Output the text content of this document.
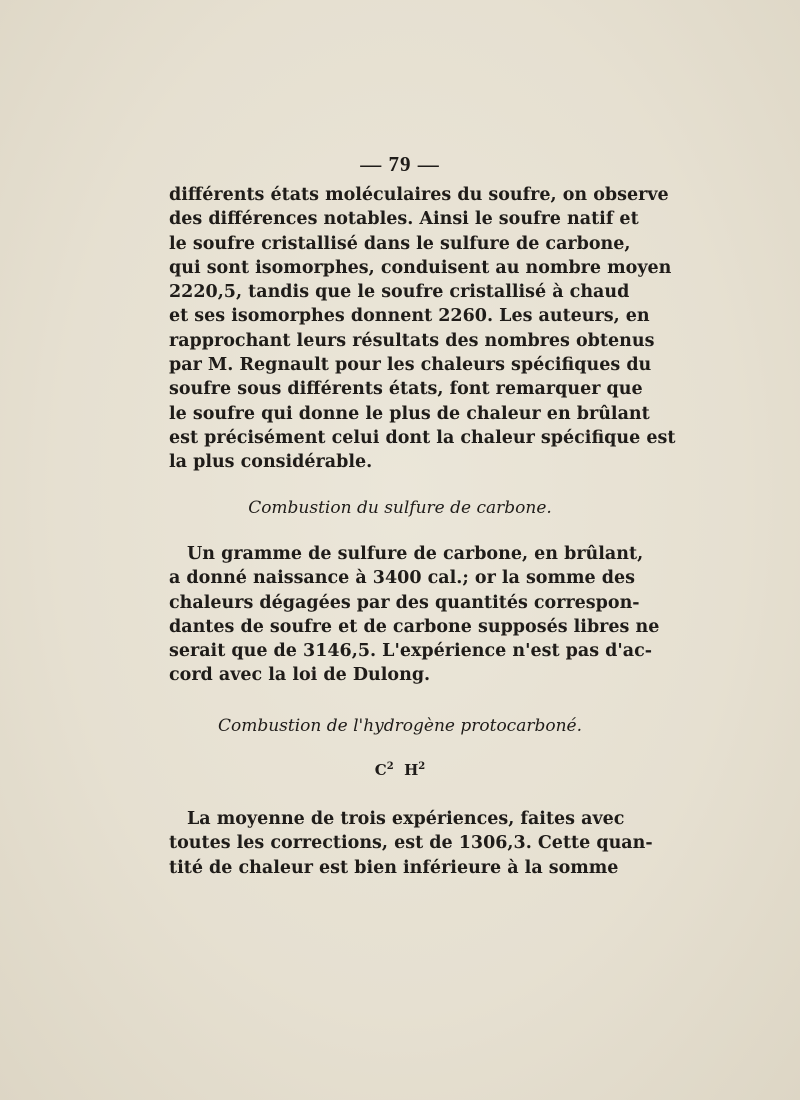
— 79 —
différents états moléculaires du soufre, on observe
des différences notables. Ainsi le soufre natif et
le soufre cristallisé dans le sulfure de carbone,
qui sont isomorphes, conduisent au nombre moyen
2220,5, tandis que le soufre cristallisé à chaud
et ses isomorphes donnent 2260. Les auteurs, en
rapprochant leurs résultats des nombres obtenus
par M. Regnault pour les chaleurs spécifiques du
soufre sous différents états, font remarquer que
le soufre qui donne le plus de chaleur en brûlant
est précisément celui dont la chaleur spécifique est
la plus considérable.
Combustion du sulfure de carbone.
Un gramme de sulfure de carbone, en brûlant,
a donné naissance à 3400 cal.; or la somme des
chaleurs dégagées par des quantités correspon-
dantes de soufre et de carbone supposés libres ne
serait que de 3146,5. L'expérience n'est pas d'ac-
cord avec la loi de Dulong.
Combustion de l'hydrogène protocarboné.
$C^2$ $H^2$
La moyenne de trois expériences, faites avec
toutes les corrections, est de 1306,3. Cette quan-
tité de chaleur est bien inférieure à la somme
